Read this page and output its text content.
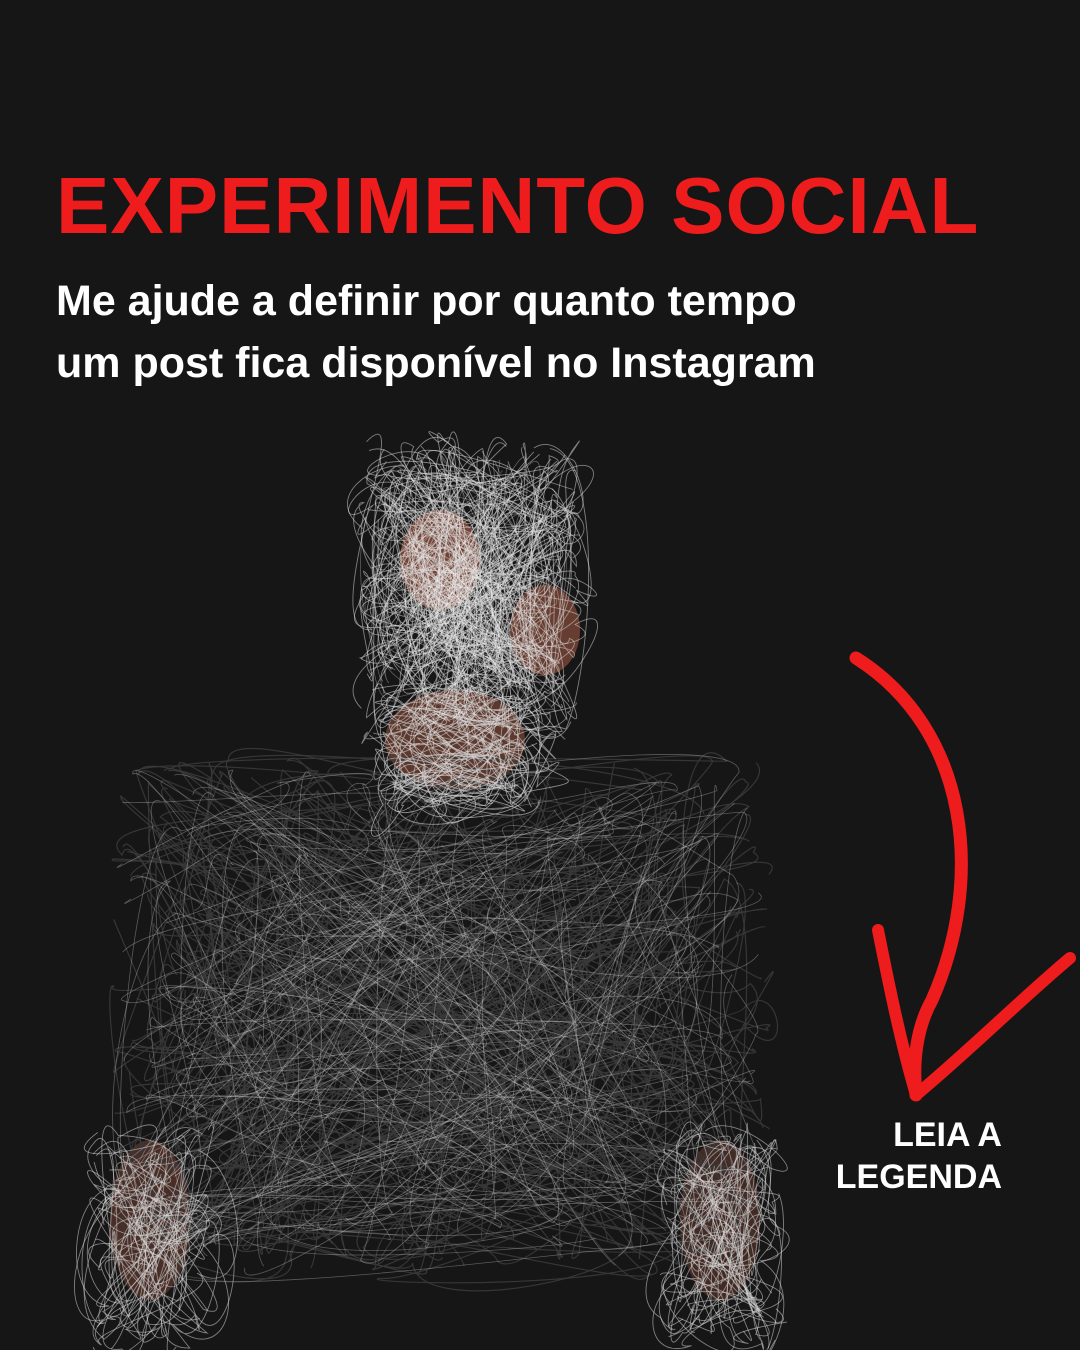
EXPERIMENTO SOCIAL

Me ajude a definir por quanto tempo
um post fica disponível no Instagram

LEIA A
LEGENDA
